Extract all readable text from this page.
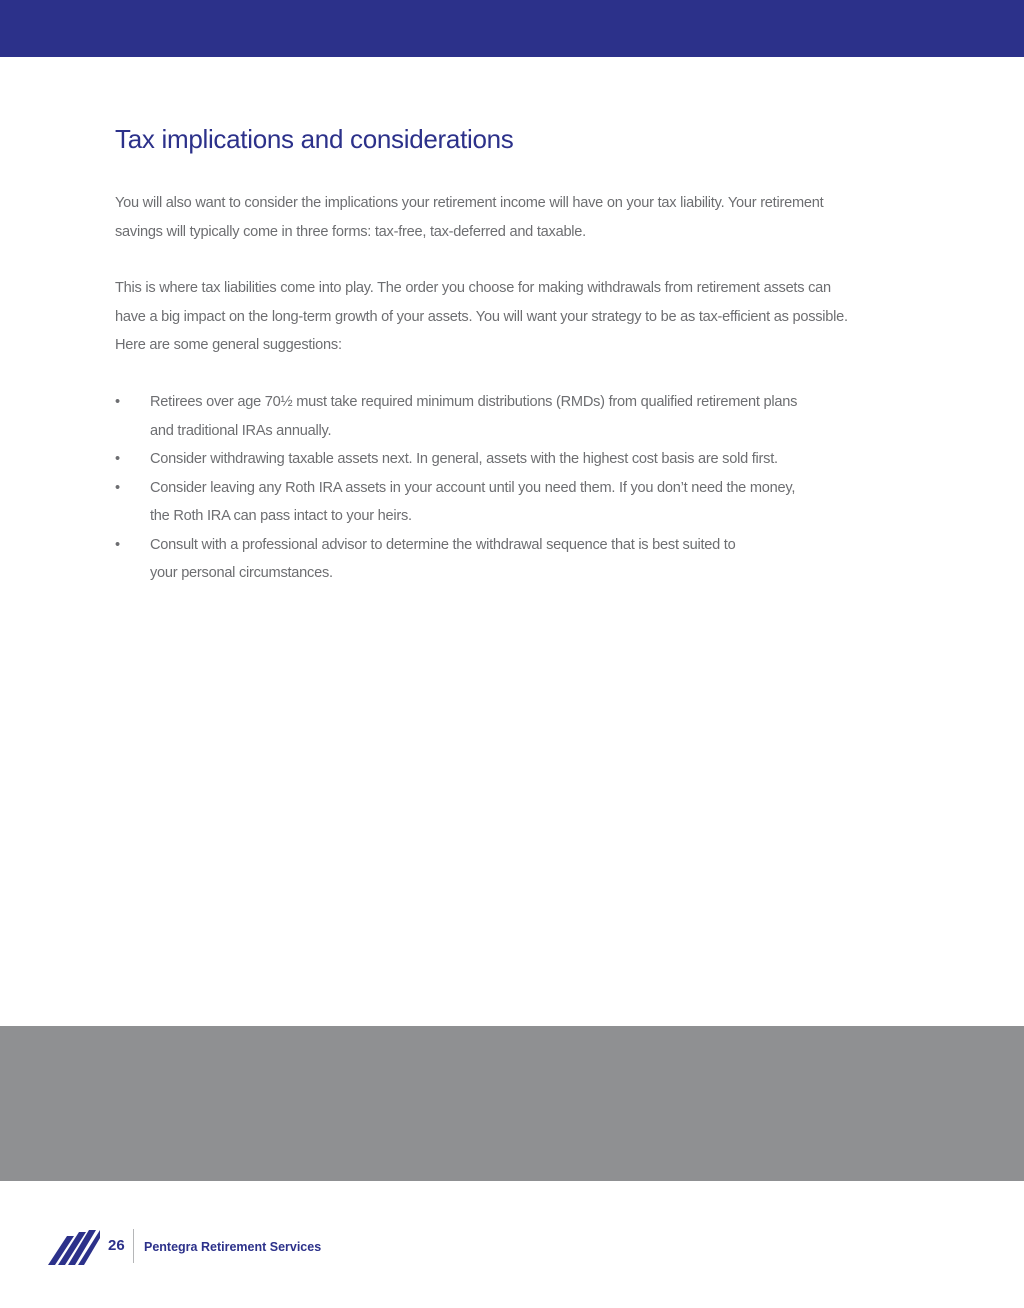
Tax implications and considerations

You will also want to consider the implications your retirement income will have on your tax liability. Your retirement
savings will typically come in three forms: tax-free, tax-deferred and taxable.

This is where tax liabilities come into play. The order you choose for making withdrawals from retirement assets can
have a big impact on the long-term growth of your assets. You will want your strategy to be as tax-efficient as possible.
Here are some general suggestions:

• Retirees over age 70½ must take required minimum distributions (RMDs) from qualified retirement plans
and traditional IRAs annually.
• Consider withdrawing taxable assets next. In general, assets with the highest cost basis are sold first.
• Consider leaving any Roth IRA assets in your account until you need them. If you don’t need the money,
the Roth IRA can pass intact to your heirs.
• Consult with a professional advisor to determine the withdrawal sequence that is best suited to
your personal circumstances.
26 Pentegra Retirement Services
